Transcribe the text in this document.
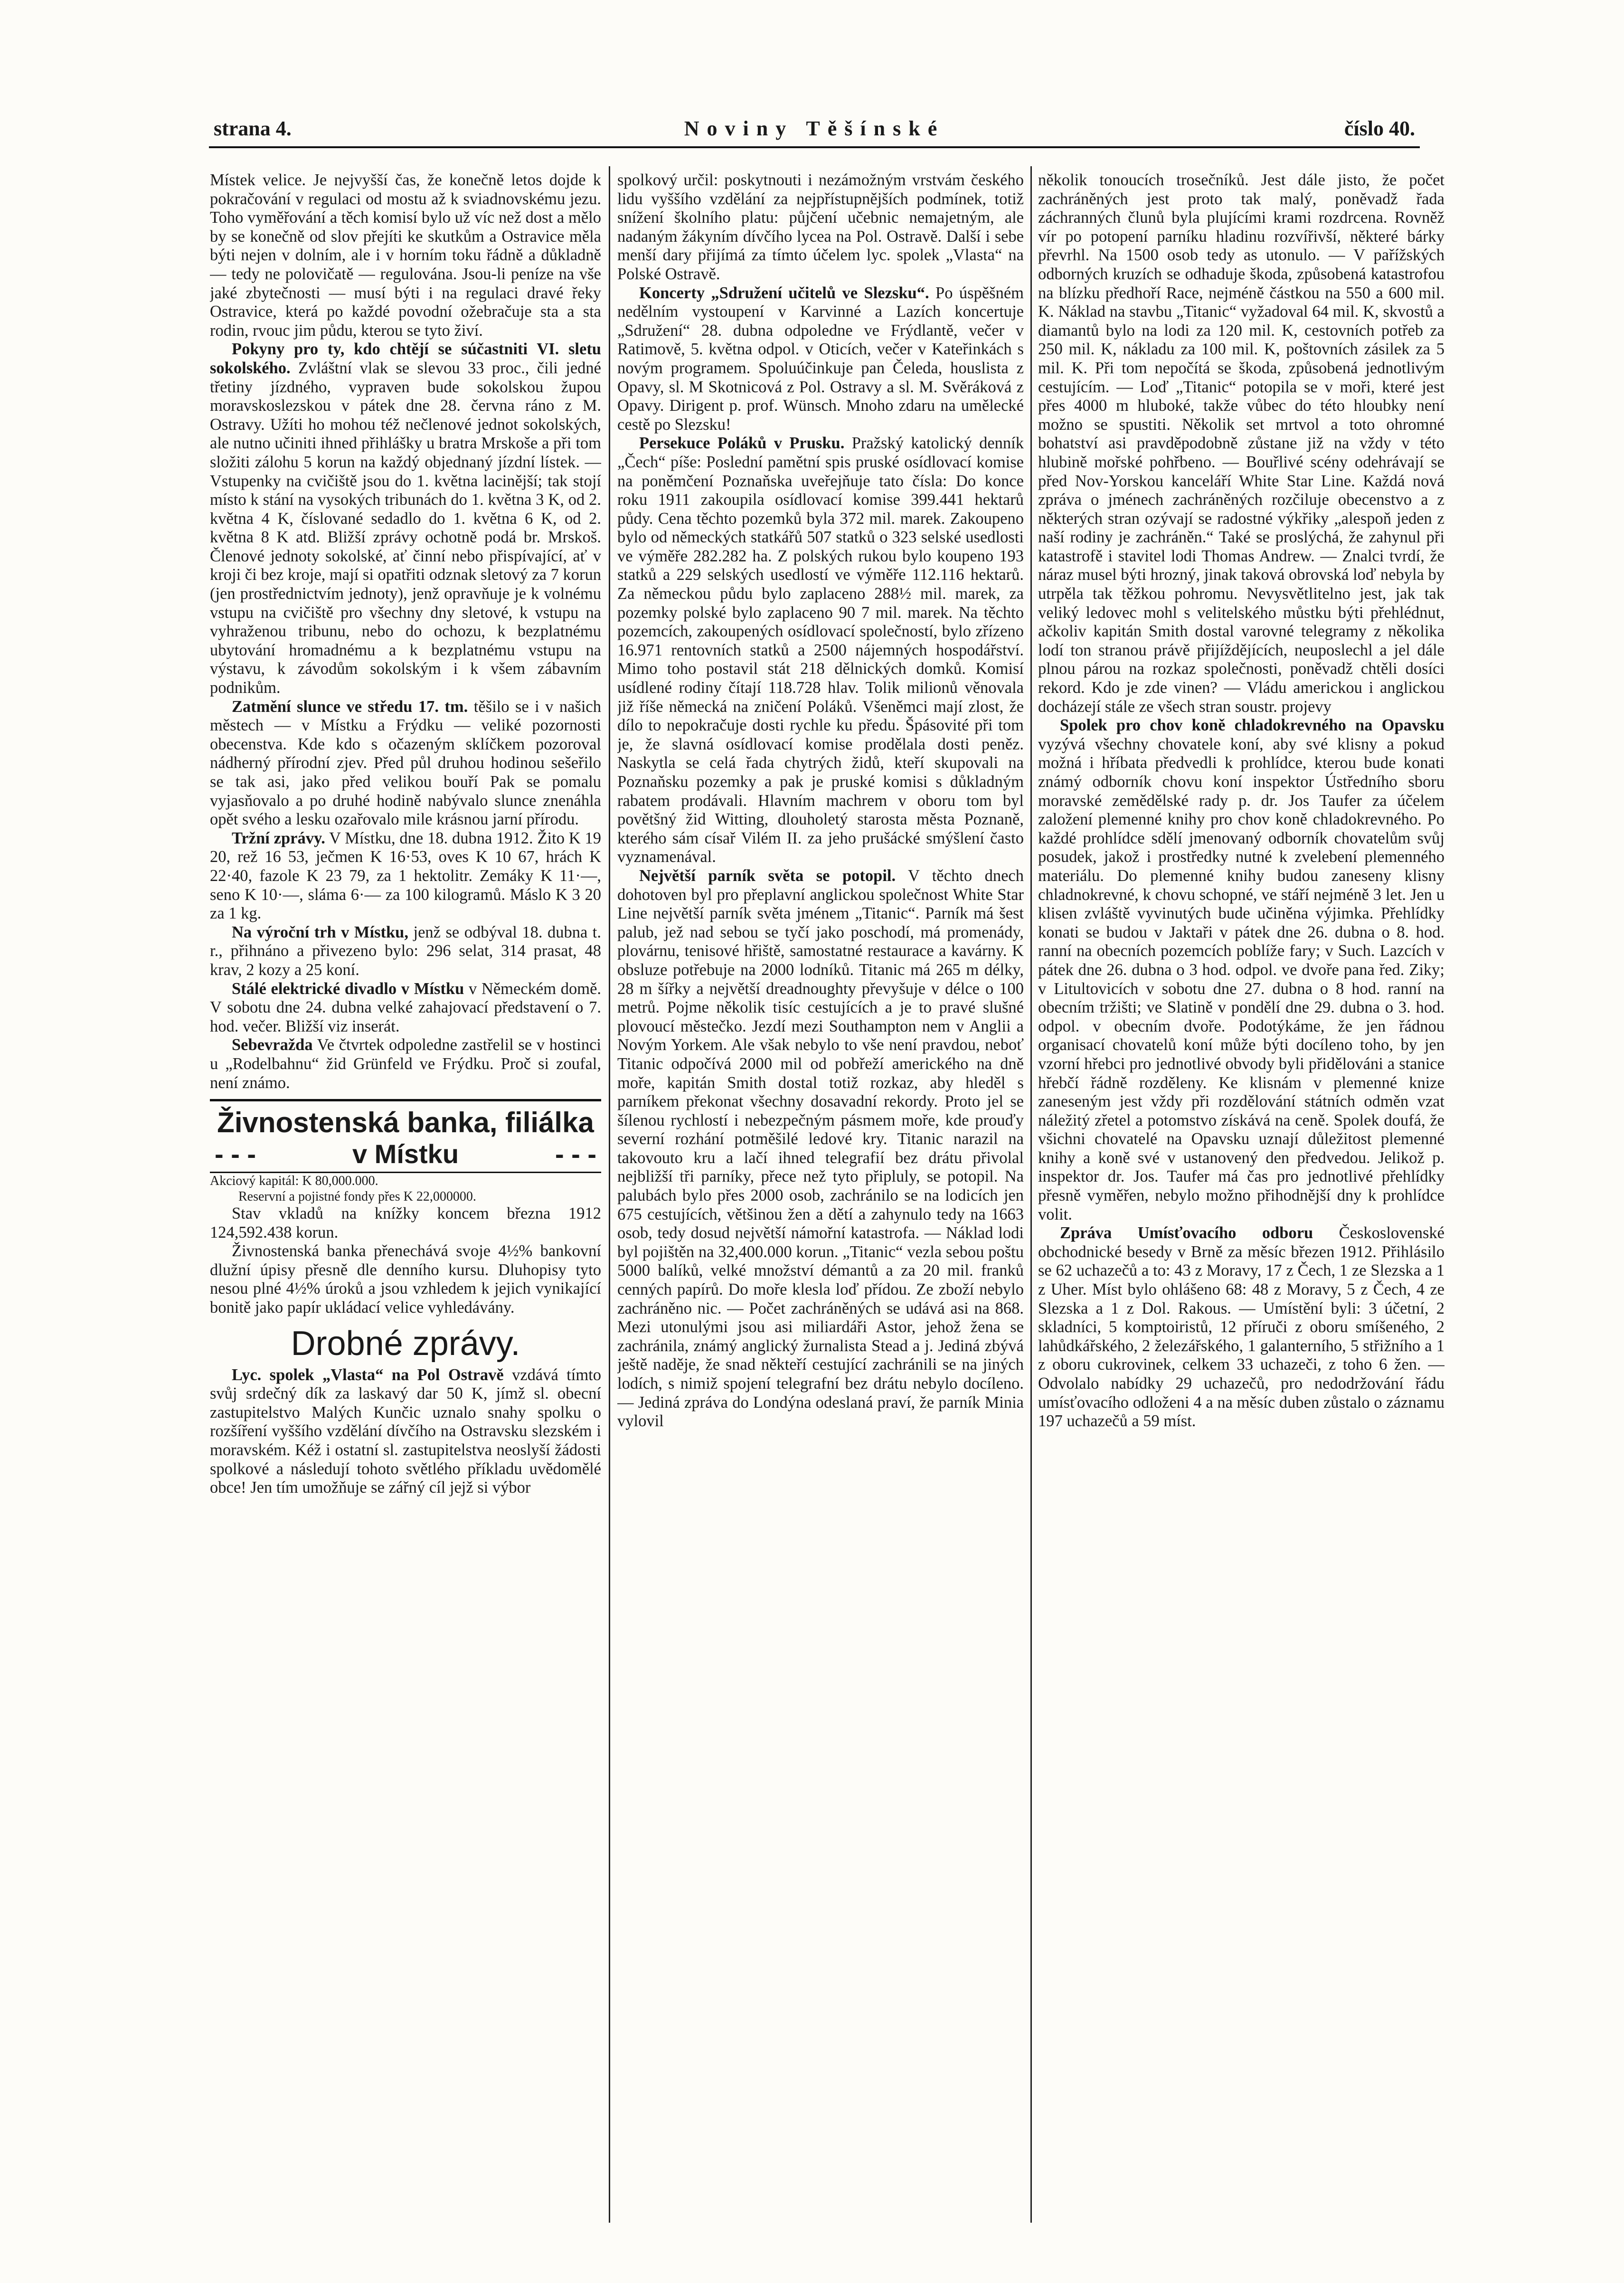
strana 4.	Noviny Těšínské	číslo 40.

Místek velice. Je nejvyšší čas, že konečně letos dojde k pokračování v regulaci od mostu až k sviadnovskému jezu. Toho vyměřování a těch komisí bylo už víc než dost a mělo by se konečně od slov přejíti ke skutkům a Ostravice měla býti nejen v dolním, ale i v horním toku řádně a důkladně — tedy ne polovičatě — regulována. Jsou-li peníze na vše jaké zbytečnosti — musí býti i na regulaci dravé řeky Ostravice, která po každé povodní ožebračuje sta a sta rodin, rvouc jim půdu, kterou se tyto živí.

Pokyny pro ty, kdo chtějí se súčastniti VI. sletu sokolského. Zvláštní vlak se slevou 33 proc., čili jedné třetiny jízdného, vypraven bude sokolskou župou moravskoslezskou v pátek dne 28. června ráno z M. Ostravy. Užíti ho mohou též nečlenové jednot sokolských, ale nutno učiniti ihned přihlášky u bratra Mrskoše a při tom složiti zálohu 5 korun na každý objednaný jízdní lístek. — Vstupenky na cvičiště jsou do 1. května lacinější; tak stojí místo k stání na vysokých tribunách do 1. května 3 K, od 2. května 4 K, číslované sedadlo do 1. května 6 K, od 2. května 8 K atd. Bližší zprávy ochotně podá br. Mrskoš. Členové jednoty sokolské, ať činní nebo přispívající, ať v kroji či bez kroje, mají si opatřiti odznak sletový za 7 korun (jen prostřednictvím jednoty), jenž opravňuje je k volnému vstupu na cvičiště pro všechny dny sletové, k vstupu na vyhraženou tribunu, nebo do ochozu, k bezplatnému ubytování hromadnému a k bezplatnému vstupu na výstavu, k závodům sokolským i k všem zábavním podnikům.

Zatmění slunce ve středu 17. tm. těšilo se i v našich městech — v Místku a Frýdku — veliké pozornosti obecenstva. Kde kdo s očazeným sklíčkem pozoroval nádherný přírodní zjev. Před půl druhou hodinou sešeřilo se tak asi, jako před velikou bouří Pak se pomalu vyjasňovalo a po druhé hodině nabývalo slunce znenáhla opět svého a lesku ozařovalo mile krásnou jarní přírodu.

Tržní zprávy. V Místku, dne 18. dubna 1912. Žito K 19 20, rež 16 53, ječmen K 16·53, oves K 10 67, hrách K 22·40, fazole K 23 79, za 1 hektolitr. Zemáky K 11·—, seno K 10·—, sláma 6·— za 100 kilogramů. Máslo K 3 20 za 1 kg.

Na výroční trh v Místku, jenž se odbýval 18. dubna t. r., přihnáno a přivezeno bylo: 296 selat, 314 prasat, 48 krav, 2 kozy a 25 koní.

Stálé elektrické divadlo v Místku v Německém domě. V sobotu dne 24. dubna velké zahajovací představení o 7. hod. večer. Bližší viz inserát.

Sebevražda Ve čtvrtek odpoledne zastřelil se v hostinci u „Rodelbahnu“ žid Grünfeld ve Frýdku. Proč si zoufal, není známo.

Živnostenská banka, filiálka
- - -	v Místku	- - -

Akciový kapitál: K 80,000.000.

Reservní a pojistné fondy přes K 22,000000.

Stav vkladů na knížky koncem března 1912 124,592.438 korun.

Živnostenská banka přenechává svoje 4½% bankovní dlužní úpisy přesně dle denního kursu. Dluhopisy tyto nesou plné 4½% úroků a jsou vzhledem k jejich vynikající bonitě jako papír ukládací velice vyhledávány.

Drobné zprávy.

Lyc. spolek „Vlasta“ na Pol Ostravě vzdává tímto svůj srdečný dík za laskavý dar 50 K, jímž sl. obecní zastupitelstvo Malých Kunčic uznalo snahy spolku o rozšíření vyššího vzdělání dívčího na Ostravsku slezském i moravském. Kéž i ostatní sl. zastupitelstva neoslyší žádosti spolkové a následují tohoto světlého příkladu uvědomělé obce! Jen tím umožňuje se zářný cíl jejž si výbor

spolkový určil: poskytnouti i nezámožným vrstvám českého lidu vyššího vzdělání za nejpřístupnějších podmínek, totiž snížení školního platu: půjčení učebnic nemajetným, ale nadaným žákyním dívčího lycea na Pol. Ostravě. Další i sebe menší dary přijímá za tímto účelem lyc. spolek „Vlasta“ na Polské Ostravě.

Koncerty „Sdružení učitelů ve Slezsku“. Po úspěšném nedělním vystoupení v Karvinné a Lazích koncertuje „Sdružení“ 28. dubna odpoledne ve Frýdlantě, večer v Ratimově, 5. května odpol. v Oticích, večer v Kateřinkách s novým programem. Spoluúčinkuje pan Čeleda, houslista z Opavy, sl. M Skotnicová z Pol. Ostravy a sl. M. Svěráková z Opavy. Dirigent p. prof. Wünsch. Mnoho zdaru na umělecké cestě po Slezsku!

Persekuce Poláků v Prusku. Pražský katolický denník „Čech“ píše: Poslední pamětní spis pruské osídlovací komise na poněmčení Poznaňska uveřejňuje tato čísla: Do konce roku 1911 zakoupila osídlovací komise 399.441 hektarů půdy. Cena těchto pozemků byla 372 mil. marek. Zakoupeno bylo od německých statkářů 507 statků o 323 selské usedlosti ve výměře 282.282 ha. Z polských rukou bylo koupeno 193 statků a 229 selských usedlostí ve výměře 112.116 hektarů. Za německou půdu bylo zaplaceno 288½ mil. marek, za pozemky polské bylo zaplaceno 90 7 mil. marek. Na těchto pozemcích, zakoupených osídlovací společností, bylo zřízeno 16.971 rentovních statků a 2500 nájemných hospodářství. Mimo toho postavil stát 218 dělnických domků. Komisí usídlené rodiny čítají 118.728 hlav. Tolik milionů věnovala již říše německá na zničení Poláků. Všeněmci mají zlost, že dílo to nepokračuje dosti rychle ku předu. Špásovité při tom je, že slavná osídlovací komise prodělala dosti peněz. Naskytla se celá řada chytrých židů, kteří skupovali na Poznaňsku pozemky a pak je pruské komisi s důkladným rabatem prodávali. Hlavním machrem v oboru tom byl povětšný žid Witting, dlouholetý starosta města Poznaně, kterého sám císař Vilém II. za jeho prušácké smýšlení často vyznamenával.

Největší parník světa se potopil. V těchto dnech dohotoven byl pro přeplavní anglickou společnost White Star Line největší parník světa jménem „Titanic“. Parník má šest palub, jež nad sebou se tyčí jako poschodí, má promenády, plovárnu, tenisové hřiště, samostatné restaurace a kavárny. K obsluze potřebuje na 2000 lodníků. Titanic má 265 m délky, 28 m šířky a největší dreadnoughty převyšuje v délce o 100 metrů. Pojme několik tisíc cestujících a je to pravé slušné plovoucí městečko. Jezdí mezi Southampton nem v Anglii a Novým Yorkem. Ale však nebylo to vše není pravdou, neboť Titanic odpočívá 2000 mil od pobřeží amerického na dně moře, kapitán Smith dostal totiž rozkaz, aby hleděl s parníkem překonat všechny dosavadní rekordy. Proto jel se šílenou rychlostí i nebezpečným pásmem moře, kde prouďy severní rozhání potměšilé ledové kry. Titanic narazil na takovouto kru a lačí ihned telegrafií bez drátu přivolal nejbližší tři parníky, přece než tyto připluly, se potopil. Na palubách bylo přes 2000 osob, zachránilo se na lodicích jen 675 cestujících, většinou žen a dětí a zahynulo tedy na 1663 osob, tedy dosud největší námořní katastrofa. — Náklad lodi byl pojištěn na 32,400.000 korun. „Titanic“ vezla sebou poštu 5000 balíků, velké množství démantů a za 20 mil. franků cenných papírů. Do moře klesla loď přídou. Ze zboží nebylo zachráněno nic. — Počet zachráněných se udává asi na 868. Mezi utonulými jsou asi miliardáři Astor, jehož žena se zachránila, známý anglický žurnalista Stead a j. Jediná zbývá ještě naděje, že snad někteří cestující zachránili se na jiných lodích, s nimiž spojení telegrafní bez drátu nebylo docíleno. — Jediná zpráva do Londýna odeslaná praví, že parník Minia vylovil

několik tonoucích trosečníků. Jest dále jisto, že počet zachráněných jest proto tak malý, poněvadž řada záchranných člunů byla plujícími krami rozdrcena. Rovněž vír po potopení parníku hladinu rozvířivší, některé bárky převrhl. Na 1500 osob tedy as utonulo. — V pařížských odborných kruzích se odhaduje škoda, způsobená katastrofou na blízku předhoří Race, nejméně částkou na 550 a 600 mil. K. Náklad na stavbu „Titanic“ vyžadoval 64 mil. K, skvostů a diamantů bylo na lodi za 120 mil. K, cestovních potřeb za 250 mil. K, nákladu za 100 mil. K, poštovních zásilek za 5 mil. K. Při tom nepočítá se škoda, způsobená jednotlivým cestujícím. — Loď „Titanic“ potopila se v moři, které jest přes 4000 m hluboké, takže vůbec do této hloubky není možno se spustiti. Několik set mrtvol a toto ohromné bohatství asi pravděpodobně zůstane již na vždy v této hlubině mořské pohřbeno. — Bouřlivé scény odehrávají se před Nov-Yorskou kanceláří White Star Line. Každá nová zpráva o jménech zachráněných rozčiluje obecenstvo a z některých stran ozývají se radostné výkřiky „alespoň jeden z naší rodiny je zachráněn.“ Také se proslýchá, že zahynul při katastrofě i stavitel lodi Thomas Andrew. — Znalci tvrdí, že náraz musel býti hrozný, jinak taková obrovská loď nebyla by utrpěla tak těžkou pohromu. Nevysvětlitelno jest, jak tak veliký ledovec mohl s velitelského můstku býti přehlédnut, ačkoliv kapitán Smith dostal varovné telegramy z několika lodí ton stranou právě přijíždějících, neuposlechl a jel dále plnou párou na rozkaz společnosti, poněvadž chtěli dosíci rekord. Kdo je zde vinen? — Vládu americkou i anglickou docházejí stále ze všech stran soustr. projevy

Spolek pro chov koně chladokrevného na Opavsku vyzývá všechny chovatele koní, aby své klisny a pokud možná i hříbata předvedli k prohlídce, kterou bude konati známý odborník chovu koní inspektor Ústředního sboru moravské zemědělské rady p. dr. Jos Taufer za účelem založení plemenné knihy pro chov koně chladokrevného. Po každé prohlídce sdělí jmenovaný odborník chovatelům svůj posudek, jakož i prostředky nutné k zvelebení plemenného materiálu. Do plemenné knihy budou zaneseny klisny chladnokrevné, k chovu schopné, ve stáří nejméně 3 let. Jen u klisen zvláště vyvinutých bude učiněna výjimka. Přehlídky konati se budou v Jaktaři v pátek dne 26. dubna o 8. hod. ranní na obecních pozemcích poblíže fary; v Such. Lazcích v pátek dne 26. dubna o 3 hod. odpol. ve dvoře pana řed. Ziky; v Litultovicích v sobotu dne 27. dubna o 8 hod. ranní na obecním tržišti; ve Slatině v pondělí dne 29. dubna o 3. hod. odpol. v obecním dvoře. Podotýkáme, že jen řádnou organisací chovatelů koní může býti docíleno toho, by jen vzorní hřebci pro jednotlivé obvody byli přidělováni a stanice hřebčí řádně rozděleny. Ke klisnám v plemenné knize zaneseným jest vždy při rozdělování státních odměn vzat náležitý zřetel a potomstvo získává na ceně. Spolek doufá, že všichni chovatelé na Opavsku uznají důležitost plemenné knihy a koně své v ustanovený den předvedou. Jelikož p. inspektor dr. Jos. Taufer má čas pro jednotlivé přehlídky přesně vyměřen, nebylo možno přihodnější dny k prohlídce volit.

Zpráva Umísťovacího odboru Československé obchodnické besedy v Brně za měsíc březen 1912. Přihlásilo se 62 uchazečů a to: 43 z Moravy, 17 z Čech, 1 ze Slezska a 1 z Uher. Míst bylo ohlášeno 68: 48 z Moravy, 5 z Čech, 4 ze Slezska a 1 z Dol. Rakous. — Umístění byli: 3 účetní, 2 skladníci, 5 komptoiristů, 12 příruči z oboru smíšeného, 2 lahůdkářského, 2 železářského, 1 galanterního, 5 střižního a 1 z oboru cukrovinek, celkem 33 uchazeči, z toho 6 žen. — Odvolalo nabídky 29 uchazečů, pro nedodržování řádu umísťovacího odloženi 4 a na měsíc duben zůstalo o záznamu 197 uchazečů a 59 míst.
